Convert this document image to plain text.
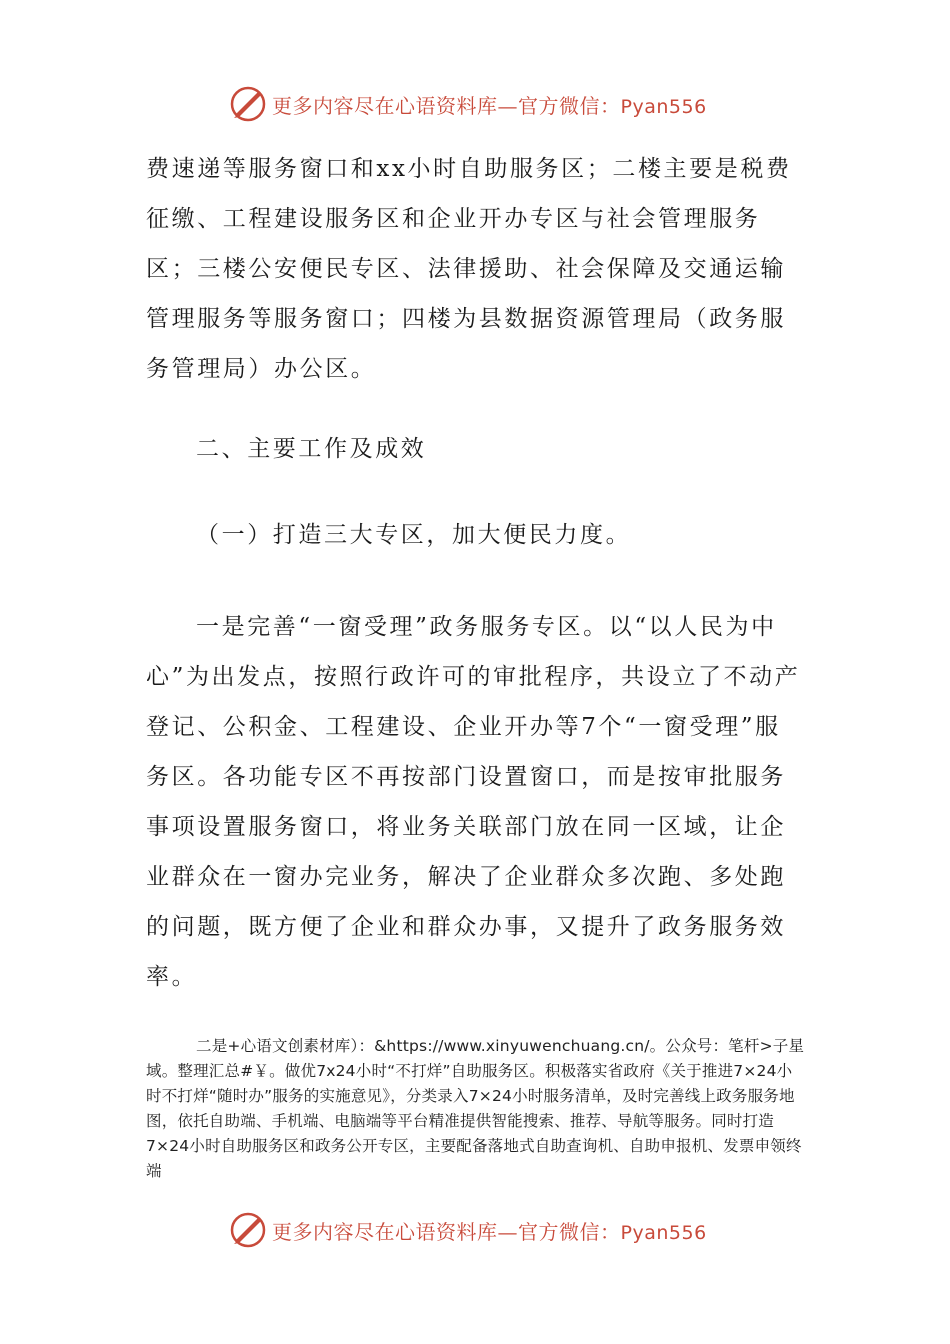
更多内容尽在心语资料库—官方微信：Pyan556

费速递等服务窗口和xx小时自助服务区；二楼主要是税费征缴、工程建设服务区和企业开办专区与社会管理服务区；三楼公安便民专区、法律援助、社会保障及交通运输管理服务等服务窗口；四楼为县数据资源管理局（政务服务管理局）办公区。

二、主要工作及成效
（一）打造三大专区，加大便民力度。

一是完善“一窗受理”政务服务专区。以“以人民为中心”为出发点，按照行政许可的审批程序，共设立了不动产登记、公积金、工程建设、企业开办等7个“一窗受理”服务区。各功能专区不再按部门设置窗口，而是按审批服务事项设置服务窗口，将业务关联部门放在同一区域，让企业群众在一窗办完业务，解决了企业群众多次跑、多处跑的问题，既方便了企业和群众办事，又提升了政务服务效率。

二是+心语文创素材库）：&https://www.xinyuwenchuang.cn/。公众号：笔杆>子星域。整理汇总#￥。做优7x24小时“不打烊”自助服务区。积极落实省政府《关于推进7×24小时不打烊“随时办”服务的实施意见》，分类录入7×24小时服务清单，及时完善线上政务服务地图，依托自助端、手机端、电脑端等平台精准提供智能搜索、推荐、导航等服务。同时打造7×24小时自助服务区和政务公开专区，主要配备落地式自助查询机、自助申报机、发票申领终端
更多内容尽在心语资料库—官方微信：Pyan556
